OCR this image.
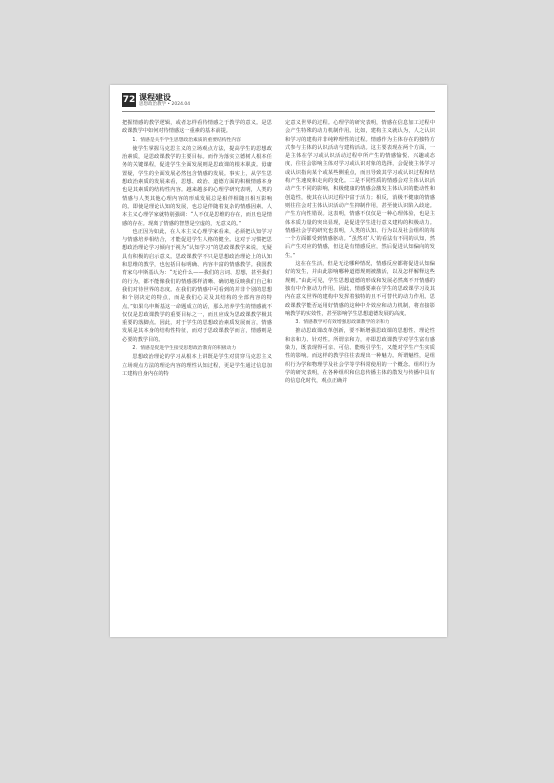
72 课程建设
思想政治教学 • 2024.04

把握情感的教学逻辑，或者怎样看待情感之于教学的意义。是思政课教学中如何对待情感这一重素的基本前提。

1．情感是关乎学生思想政治素质的重要结构性内容

使学生掌握马克思主义的立场观点方法，提高学生的思想政治素质，是思政课教学的主要目标。而作为落实立德树人根本任务的关键课程，促进学生全面发展则是思政课的根本职责。毋庸置疑，学生的全面发展必然包含情感的发展。事实上，从学生思想政治素质的发展来看，思想、政治、道德方面的积极情感本身也是其素质的结构性内容。越来越多的心理学研究表明，人类的情感与人类其他心理内容的形成发展总是相伴相随且相互影响的。即使是理论认知的发展，也总是伴随着复杂的情感因素。人本主义心理学家就特别强调：“人不仅是思维的存在，而且也是情感的存在。现离了情感的智慧是空虚的，无意义的。”

也正因为如此，在人本主义心理学家看来，必须把认知学习与情感培养相结合，才能促进学生人格的健全。这对于习惯把思想政治理论学习倾向于视为“认知学习”的思政课教学来说，无疑具有积极的启示意义。思政课教学不只是思想政治理论上的认知和思维的教学，也包括目标明确、内容丰富的情感教学。我国教育家乌申斯基认为：“无论什么——我们的言词、思想，甚至我们的行为，都不能像我们的情感那样清晰、确切地反映我们自己和我们对待世界的态度。在我们的情感中可看到的并非个别的思想和个别决定的特点，而是我们心灵及其结构的全部内容的特点。”如果乌申斯基这一命题成立的话，那么培养学生的情感就不仅仅是思政课教学的重要目标之一，而且应成为思政课教学极其重要的落脚点。因此，对于学生的思想政治素质发展而言，情感发展是其本身的结构性特征，而对于思政课教学而言，情感则是必要的教学目的。

2．情感是促进学生接受思想政治教育的积极动力

思想政治理论的学习从根本上讲既是学生对贯穿马克思主义立场观点方法的理论内容的理性认知过程，更是学生通过信息加工建构自身内在的特

定意义世界的过程。心理学的研究表明，情感在信息加工过程中会产生特殊的动力机制作用。比如，建构主义就认为，人之认识和学习的建构并非纯粹理性的过程。情感作为主体存在的独特方式参与主体的认识活动与建构活动。这主要表现在两个方面，一是主体在学习或认识活动过程中所产生的情感愉悦、兴趣或态度，往往会影响主体对学习或认识对象的选择，会促使主体学习或认识指向某个或某些侧重点，而且导致其学习或认识过程和结构产生速度和走向的变化。二是不同性质的情感会对主体认识活动产生不同的影响，积极健康的情感会激发主体认识的能动性和创造性，使其在认识过程中富于活力；相反，消极不健康的情感则往往会对主体认识活动产生抑制作用，甚至使认识陷入歧途。产生方向性错误。这表明，情感不仅仅是一种心理体验，也是主体本质力量的突出显现，是促进学生进行意义建构的积极动力。情感社会学的研究也表明，人类的认知、行为以及社会组织的每一个方面都受到情感驱动。“虽然对‘人’的看法有不同的认知，然后产生对应的情感，但这是有情感反应，然后促进认知偏向的发生。”

这在在生活，但是无论哪种情况，情感反应都将促进认知偏好的发生，并由此影响哪种道德规则被激活，以及怎样解释这些规则。”由此可见，学生思想道德的形成和发展必然离不开情感的独有中介驱动力作用。因此，情感要素在学生的思政课学习及其内在意义世界的建构中发挥着独特的且不可替代的动力作用。思政课教学能否运用好情感的这种中介效应和动力机制，将直接影响教学的实效性，甚至影响学生思想道德发展的高度。

3．情感教学可有效增强思政课教学的亲和力

推动思政课改革创新，要不断增强思政课的思想性、理论性和亲和力、针对性。所谓亲和力，亦即思政课教学对学生富有感染力，既表现得可亲、可信、能吸引学生，又能对学生产生实质性的影响。而这样的教学往往表现出一种魅力。所谓魅性，是组织行为学和物理学及社会学等学科常使用的一个概念。组织行为学的研究表明，在各种组织和信息传播主体的散发与传播中具有的信息化时代，观点正确并
